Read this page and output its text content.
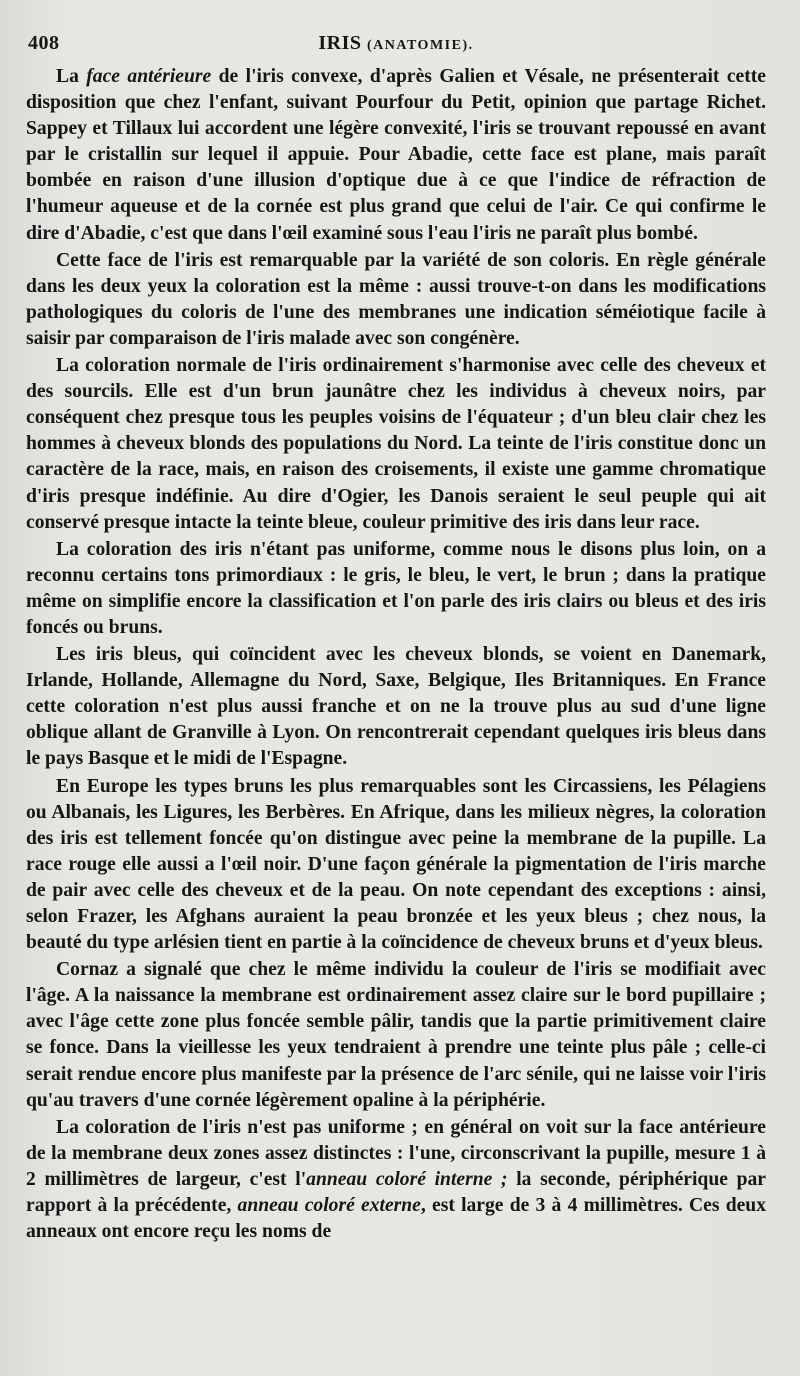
408	IRIS (ANATOMIE).

La face antérieure de l'iris convexe, d'après Galien et Vésale, ne présenterait cette disposition que chez l'enfant, suivant Pourfour du Petit, opinion que partage Richet. Sappey et Tillaux lui accordent une légère convexité, l'iris se trouvant repoussé en avant par le cristallin sur lequel il appuie. Pour Abadie, cette face est plane, mais paraît bombée en raison d'une illusion d'optique due à ce que l'indice de réfraction de l'humeur aqueuse et de la cornée est plus grand que celui de l'air. Ce qui confirme le dire d'Abadie, c'est que dans l'œil examiné sous l'eau l'iris ne paraît plus bombé.

Cette face de l'iris est remarquable par la variété de son coloris. En règle générale dans les deux yeux la coloration est la même : aussi trouve-t-on dans les modifications pathologiques du coloris de l'une des membranes une indication séméiotique facile à saisir par comparaison de l'iris malade avec son congénère.

La coloration normale de l'iris ordinairement s'harmonise avec celle des cheveux et des sourcils. Elle est d'un brun jaunâtre chez les individus à cheveux noirs, par conséquent chez presque tous les peuples voisins de l'équateur ; d'un bleu clair chez les hommes à cheveux blonds des populations du Nord. La teinte de l'iris constitue donc un caractère de la race, mais, en raison des croisements, il existe une gamme chromatique d'iris presque indéfinie. Au dire d'Ogier, les Danois seraient le seul peuple qui ait conservé presque intacte la teinte bleue, couleur primitive des iris dans leur race.

La coloration des iris n'étant pas uniforme, comme nous le disons plus loin, on a reconnu certains tons primordiaux : le gris, le bleu, le vert, le brun ; dans la pratique même on simplifie encore la classification et l'on parle des iris clairs ou bleus et des iris foncés ou bruns.

Les iris bleus, qui coïncident avec les cheveux blonds, se voient en Danemark, Irlande, Hollande, Allemagne du Nord, Saxe, Belgique, Iles Britanniques. En France cette coloration n'est plus aussi franche et on ne la trouve plus au sud d'une ligne oblique allant de Granville à Lyon. On rencontrerait cependant quelques iris bleus dans le pays Basque et le midi de l'Espagne.

En Europe les types bruns les plus remarquables sont les Circassiens, les Pélagiens ou Albanais, les Ligures, les Berbères. En Afrique, dans les milieux nègres, la coloration des iris est tellement foncée qu'on distingue avec peine la membrane de la pupille. La race rouge elle aussi a l'œil noir. D'une façon générale la pigmentation de l'iris marche de pair avec celle des cheveux et de la peau. On note cependant des exceptions : ainsi, selon Frazer, les Afghans auraient la peau bronzée et les yeux bleus ; chez nous, la beauté du type arlésien tient en partie à la coïncidence de cheveux bruns et d'yeux bleus.

Cornaz a signalé que chez le même individu la couleur de l'iris se modifiait avec l'âge. A la naissance la membrane est ordinairement assez claire sur le bord pupillaire ; avec l'âge cette zone plus foncée semble pâlir, tandis que la partie primitivement claire se fonce. Dans la vieillesse les yeux tendraient à prendre une teinte plus pâle ; celle-ci serait rendue encore plus manifeste par la présence de l'arc sénile, qui ne laisse voir l'iris qu'au travers d'une cornée légèrement opaline à la périphérie.

La coloration de l'iris n'est pas uniforme ; en général on voit sur la face antérieure de la membrane deux zones assez distinctes : l'une, circonscrivant la pupille, mesure 1 à 2 millimètres de largeur, c'est l'anneau coloré interne ; la seconde, périphérique par rapport à la précédente, anneau coloré externe, est large de 3 à 4 millimètres. Ces deux anneaux ont encore reçu les noms de
